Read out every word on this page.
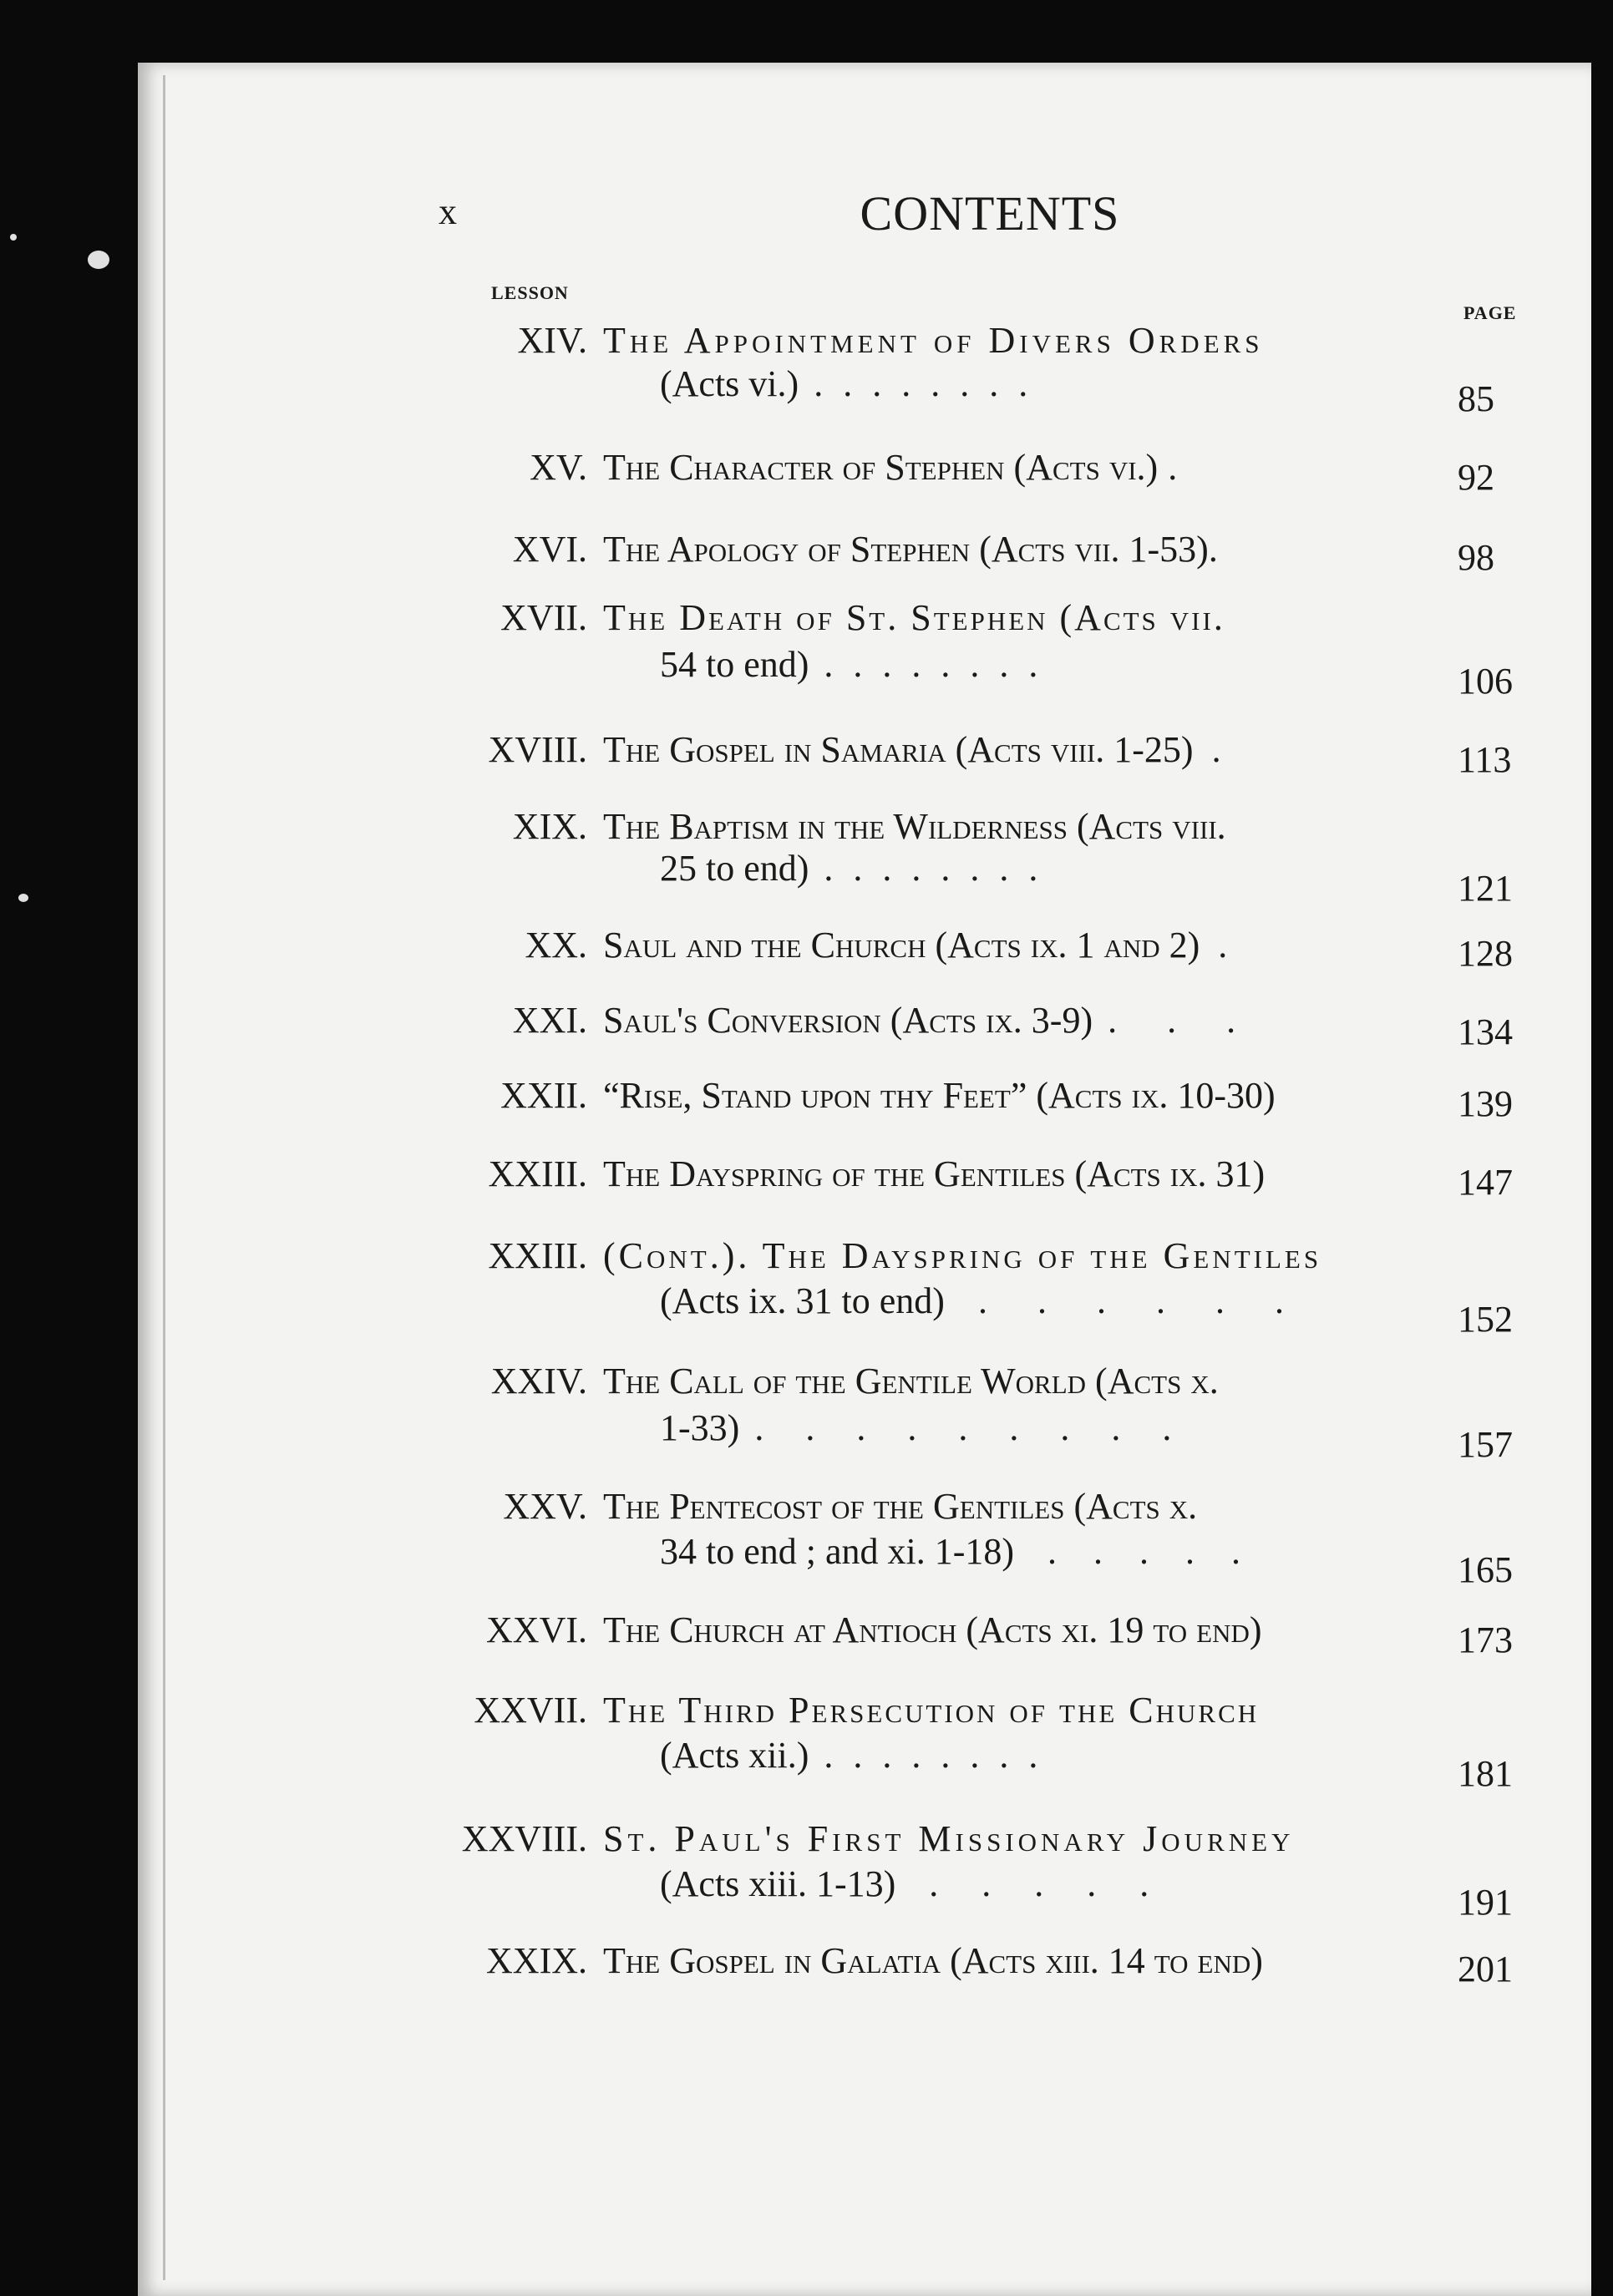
x	CONTENTS
LESSON
PAGE
XIV. The Appointment of Divers Orders
(Acts vi.) ........	85
XV. The Character of Stephen (Acts vi.) .	92
XVI. The Apology of Stephen (Acts vii. 1-53).	98
XVII. The Death of St. Stephen (Acts vii.
54 to end) ........	106
XVIII. The Gospel in Samaria (Acts viii. 1-25) .	113
XIX. The Baptism in the Wilderness (Acts viii.
25 to end) ........	121
XX. Saul and the Church (Acts ix. 1 and 2) .	128
XXI. Saul's Conversion (Acts ix. 3-9) ...	134
XXII. “Rise, Stand upon thy Feet” (Acts ix. 10-30)	139
XXIII. The Dayspring of the Gentiles (Acts ix. 31)	147
XXIII. (Cont.). The Dayspring of the Gentiles
(Acts ix. 31 to end) ......	152
XXIV. The Call of the Gentile World (Acts x.
1-33) .........	157
XXV. The Pentecost of the Gentiles (Acts x.
34 to end ; and xi. 1-18) .....	165
XXVI. The Church at Antioch (Acts xi. 19 to end)	173
XXVII. The Third Persecution of the Church
(Acts xii.) ........	181
XXVIII. St. Paul's First Missionary Journey
(Acts xiii. 1-13) .....	191
XXIX. The Gospel in Galatia (Acts xiii. 14 to end)	201
